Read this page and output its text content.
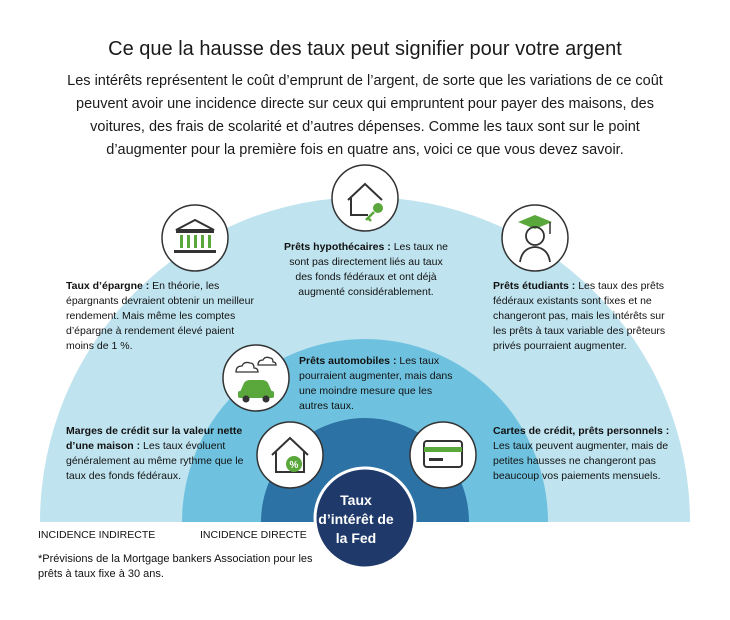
Ce que la hausse des taux peut signifier pour votre argent
Les intérêts représentent le coût d’emprunt de l’argent, de sorte que les variations de ce coût peuvent avoir une incidence directe sur ceux qui empruntent pour payer des maisons, des voitures, des frais de scolarité et d’autres dépenses. Comme les taux sont sur le point d’augmenter pour la première fois en quatre ans, voici ce que vous devez savoir.
%
Prêts hypothécaires : Les taux ne sont pas directement liés au taux des fonds fédéraux et ont déjà augmenté considérablement.
Taux d’épargne : En théorie, les épargnants devraient obtenir un meilleur rendement. Mais même les comptes d’épargne à rendement élevé paient moins de 1 %.
Prêts étudiants : Les taux des prêts fédéraux existants sont fixes et ne changeront pas, mais les intérêts sur les prêts à taux variable des prêteurs privés pourraient augmenter.
Prêts automobiles : Les taux pourraient augmenter, mais dans une moindre mesure que les autres taux.
Marges de crédit sur la valeur nette d’une maison : Les taux évoluent généralement au même rythme que le taux des fonds fédéraux.
Cartes de crédit, prêts personnels : Les taux peuvent augmenter, mais de petites hausses ne changeront pas beaucoup vos paiements mensuels.
Taux d’intérêt de la Fed
INCIDENCE INDIRECTE	INCIDENCE DIRECTE
*Prévisions de la Mortgage bankers Association pour les prêts à taux fixe à 30 ans.
